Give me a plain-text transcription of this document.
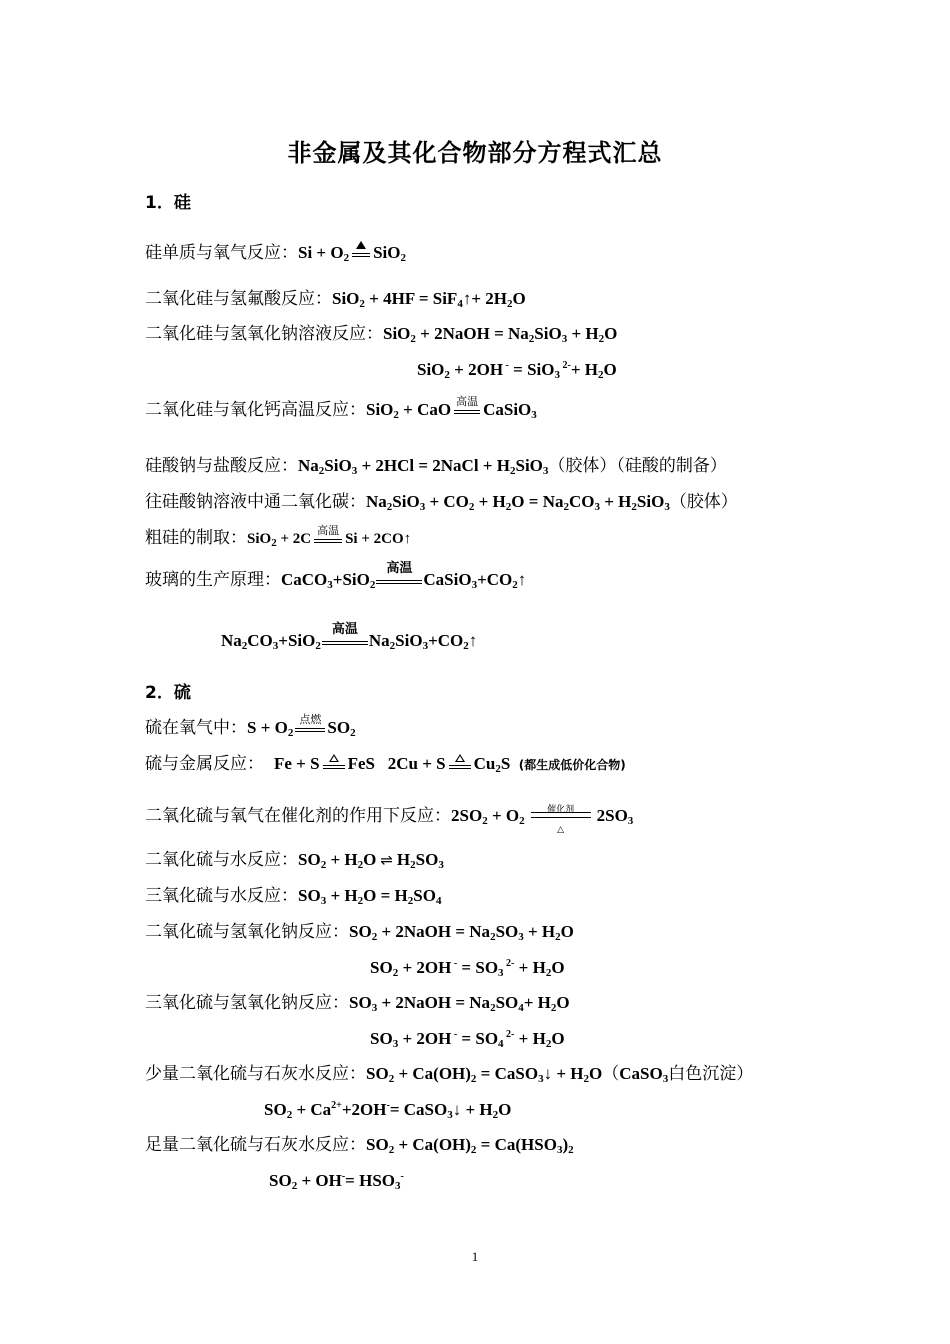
非金属及其化合物部分方程式汇总
1．硅
硅单质与氧气反应：$Si + O_2$ SiO$_2$
二氧化硅与氢氟酸反应：SiO$_2$ + 4HF = SiF$_4$↑+ $2H_2O$
二氧化硅与氢氧化钠溶液反应：SiO$_2$ + 2NaOH = $Na_2SiO_3 + H_2O$
SiO$_2$ + 2OH - = SiO$_3$ $^{2-}+ H_2O$
二氧化硅与氧化钙高温反应：SiO$_2$ + CaO 高温 CaSiO$_3$
硅酸钠与盐酸反应：$Na_2SiO_3 + 2HCl$ = 2NaCl + $H_2SiO_3$（胶体）（硅酸的制备）
往硅酸钠溶液中通二氧化碳：$Na_2SiO_3 + CO_2 + H_2O = Na_2CO_3 + H_2SiO_3$（胶体）
粗硅的制取：SiO$_2$ + 2C
高温
Si + 2CO↑
玻璃的生产原理：CaCO$_3$+SiO$_2$
高温
$CaSiO_3+CO_2↑$
$Na_2CO_3+SiO_2$
高温
$Na_2SiO_3+CO_2↑$
2．硫
硫在氧气中：$S + O_2$
点燃 $SO_2$
硫与金属反应： Fe + S FeS   2Cu + S $Cu_2S$  (都生成低价化合物)
二氧化硫与氧气在催化剂的作用下反应：$2SO_2 + O_2$
催化剂
△
$2SO_3$
二氧化硫与水反应：$SO_2 + H_2O$ ⇌ $H_2SO_3$
三氧化硫与水反应：$SO_3 + H_2O = H_2SO_4$
二氧化硫与氢氧化钠反应：$SO_2$ + 2NaOH = $Na_2SO_3 + H_2O$
$SO_2 + 2OH$ $^- = SO_3$ $^{2-} + H_2O$
三氧化硫与氢氧化钠反应：$SO_3$ + 2NaOH = $Na_2SO_4+ H_2O$
$SO_3 + 2OH$ $^- = SO_4$ $^{2-} + H_2O$
少量二氧化硫与石灰水反应：$SO_2 + Ca(OH)_2$ = CaSO$_3$↓ + $H_2O(CaSO_3$白色沉淀）
$SO_2 + Ca^{2+}+2OH^-=$ CaSO$_3$↓ + $H_2O$
足量二氧化硫与石灰水反应：$SO_2 + Ca(OH)_2 = Ca(HSO_3)_2$
$SO_2 + OH^-= HSO_3^-$
1
